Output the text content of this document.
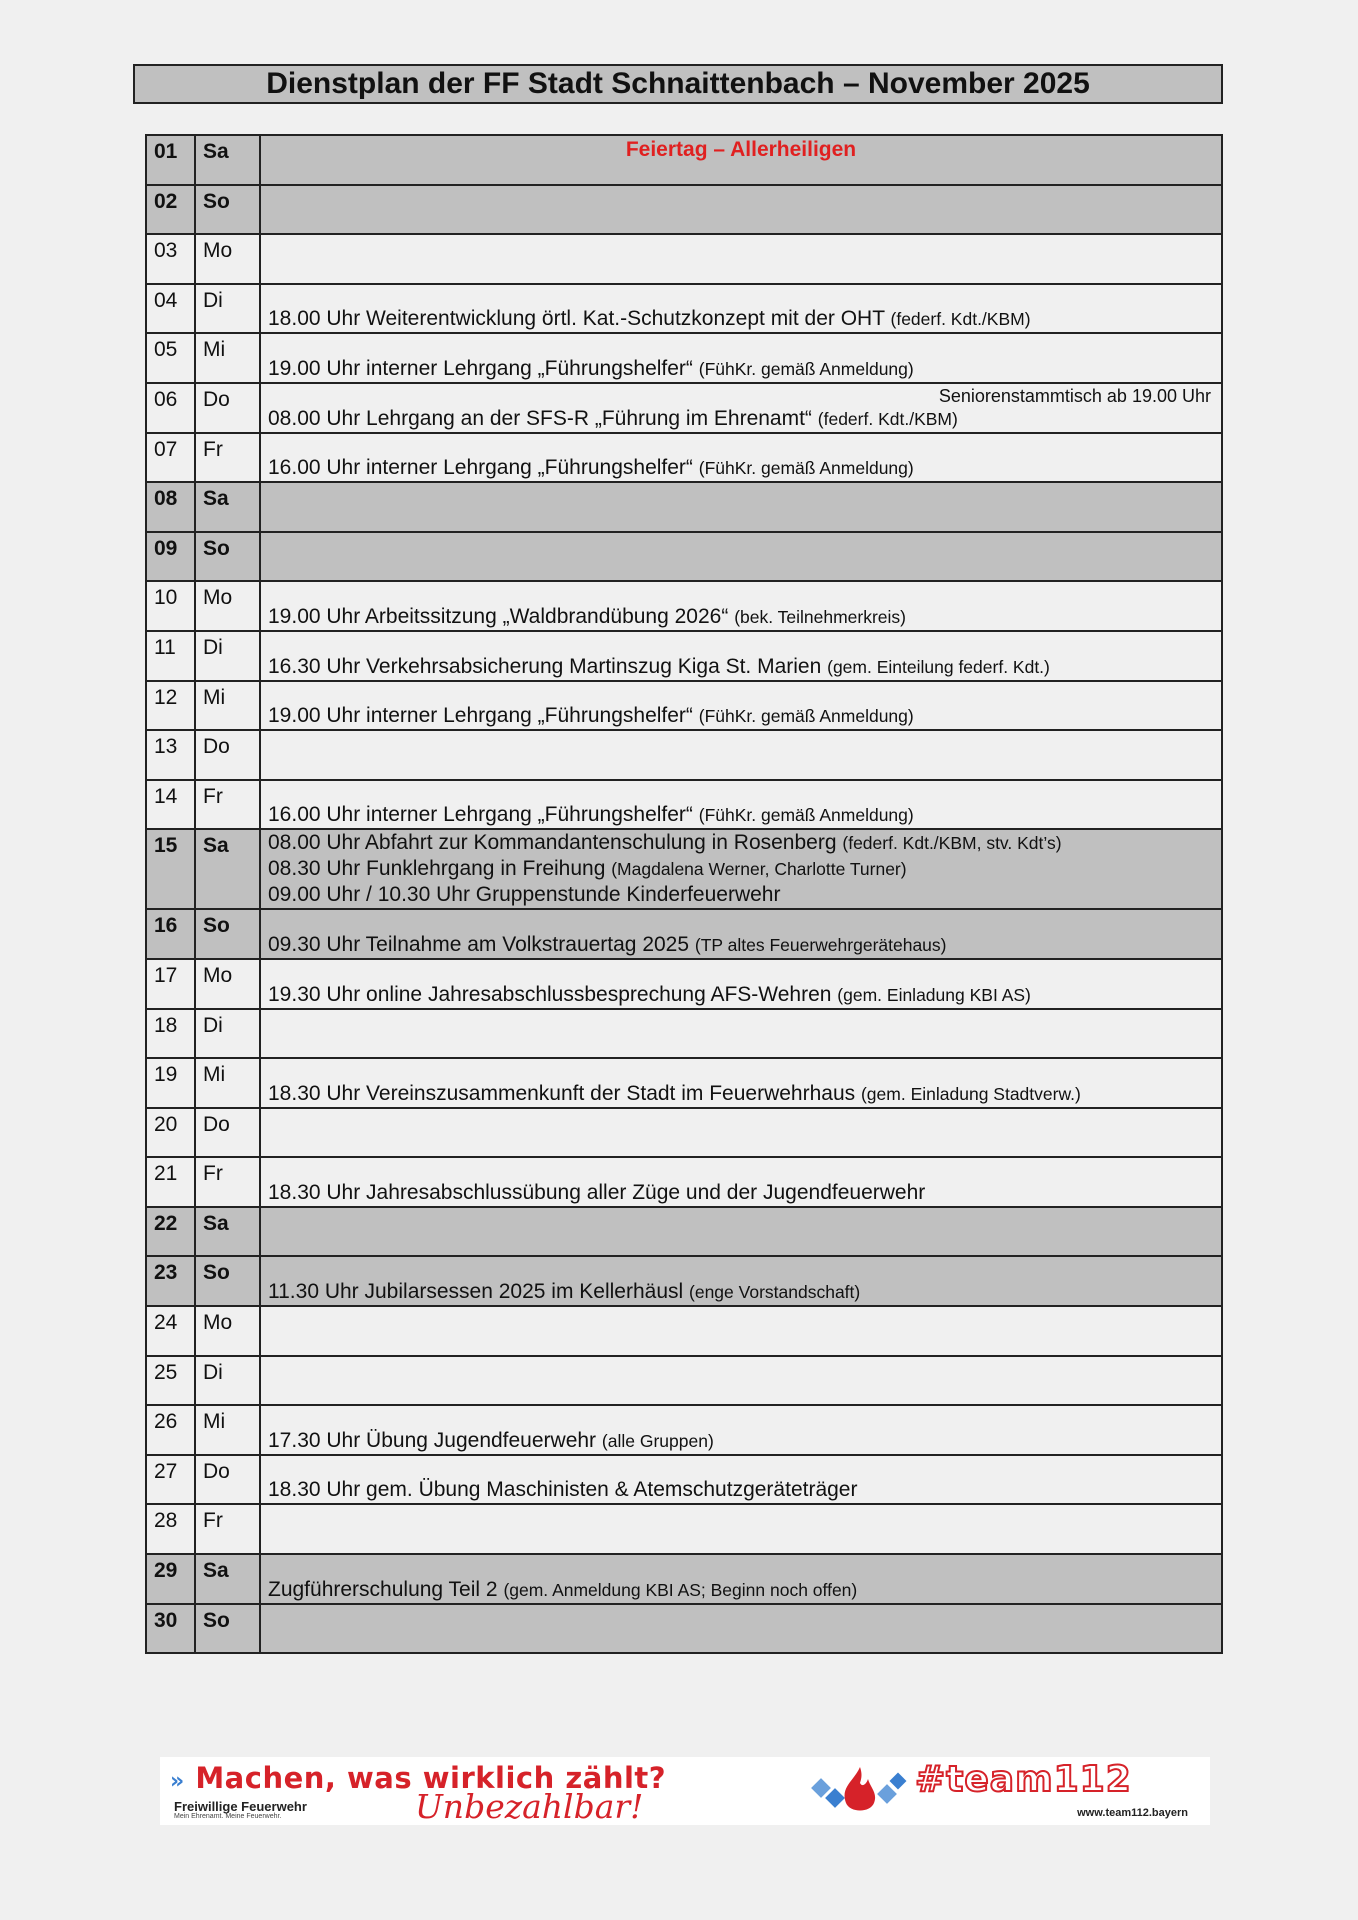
Dienstplan der FF Stadt Schnaittenbach – November 2025
01	Sa	Feiertag – Allerheiligen

02	So	
03	Mo	
04	Di	18.00 Uhr Weiterentwicklung örtl. Kat.-Schutzkonzept mit der OHT (federf. Kdt./KBM)

05	Mi	19.00 Uhr interner Lehrgang „Führungshelfer“ (FühKr. gemäß Anmeldung)

06	Do	Seniorenstammtisch ab 19.00 Uhr
08.00 Uhr Lehrgang an der SFS-R „Führung im Ehrenamt“ (federf. Kdt./KBM)

07	Fr	16.00 Uhr interner Lehrgang „Führungshelfer“ (FühKr. gemäß Anmeldung)

08	Sa	
09	So	
10	Mo	19.00 Uhr Arbeitssitzung „Waldbrandübung 2026“ (bek. Teilnehmerkreis)

11	Di	16.30 Uhr Verkehrsabsicherung Martinszug Kiga St. Marien (gem. Einteilung federf. Kdt.)

12	Mi	19.00 Uhr interner Lehrgang „Führungshelfer“ (FühKr. gemäß Anmeldung)

13	Do	
14	Fr	16.00 Uhr interner Lehrgang „Führungshelfer“ (FühKr. gemäß Anmeldung)

15	Sa	08.00 Uhr Abfahrt zur Kommandantenschulung in Rosenberg (federf. Kdt./KBM, stv. Kdt’s)
08.30 Uhr Funklehrgang in Freihung (Magdalena Werner, Charlotte Turner)
09.00 Uhr / 10.30 Uhr Gruppenstunde Kinderfeuerwehr

16	So	09.30 Uhr Teilnahme am Volkstrauertag 2025 (TP altes Feuerwehrgerätehaus)

17	Mo	19.30 Uhr online Jahresabschlussbesprechung AFS-Wehren (gem. Einladung KBI AS)

18	Di	
19	Mi	18.30 Uhr Vereinszusammenkunft der Stadt im Feuerwehrhaus (gem. Einladung Stadtverw.)

20	Do	
21	Fr	18.30 Uhr Jahresabschlussübung aller Züge und der Jugendfeuerwehr

22	Sa	
23	So	11.30 Uhr Jubilarsessen 2025 im Kellerhäusl (enge Vorstandschaft)

24	Mo	
25	Di	
26	Mi	17.30 Uhr Übung Jugendfeuerwehr (alle Gruppen)

27	Do	18.30 Uhr gem. Übung Maschinisten & Atemschutzgeräteträger

28	Fr	
29	Sa	Zugführerschulung Teil 2 (gem. Anmeldung KBI AS; Beginn noch offen)

30	So	
» Machen, was wirklich zählt?
Unbezahlbar!
Freiwillige Feuerwehr
Mein Ehrenamt. Meine Feuerwehr.
#team112
www.team112.bayern
